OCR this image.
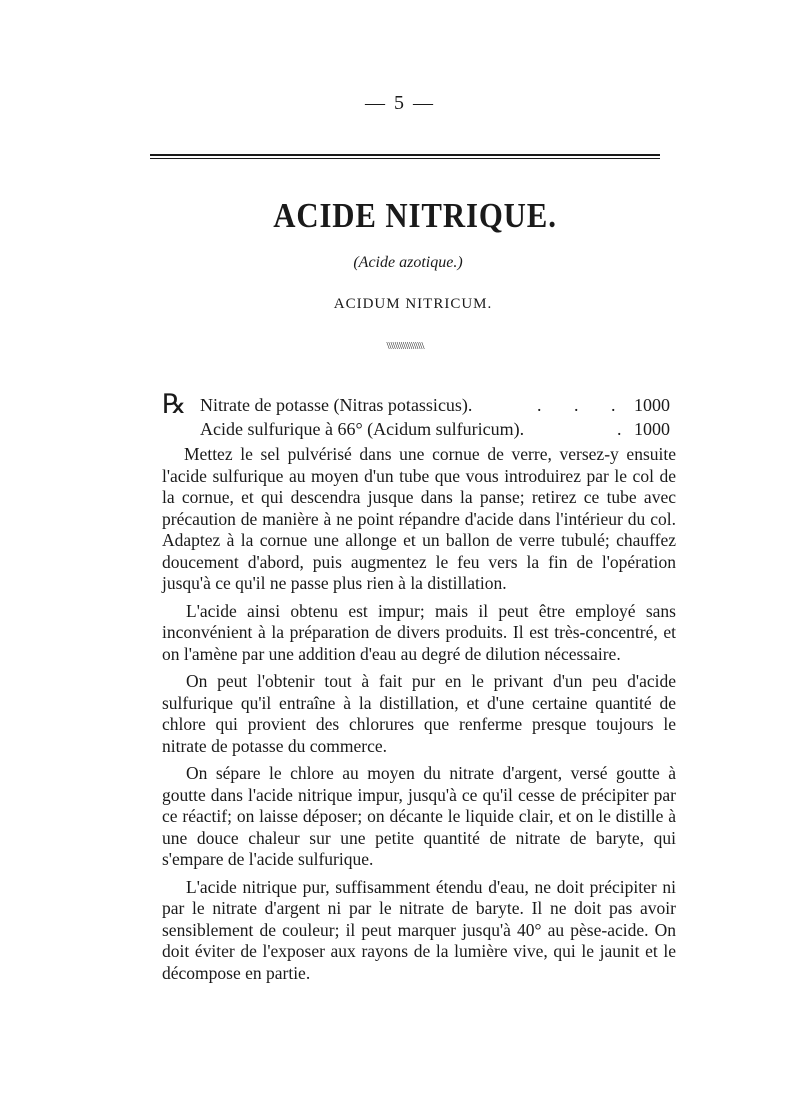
— 5 —
ACIDE NITRIQUE.
(Acide azotique.)
ACIDUM NITRICUM.
\\\\\\\\\\\\\\\\\\
℞ Nitrate de potasse (Nitras potassicus).	. . . 1000
Acide sulfurique à 66° (Acidum sulfuricum).	.
1000

Mettez le sel pulvérisé dans une cornue de verre, versez-y ensuite l'acide sulfurique au moyen d'un tube que vous introduirez par le col de la cornue, et qui descendra jusque dans la panse; retirez ce tube avec précaution de manière à ne point répandre d'acide dans l'intérieur du col. Adaptez à la cornue une allonge et un ballon de verre tubulé; chauffez doucement d'abord, puis augmentez le feu vers la fin de l'opération jusqu'à ce qu'il ne passe plus rien à la distillation.

L'acide ainsi obtenu est impur; mais il peut être employé sans inconvénient à la préparation de divers produits. Il est très-concentré, et on l'amène par une addition d'eau au degré de dilution nécessaire.

On peut l'obtenir tout à fait pur en le privant d'un peu d'acide sulfurique qu'il entraîne à la distillation, et d'une certaine quantité de chlore qui provient des chlorures que renferme presque toujours le nitrate de potasse du commerce.

On sépare le chlore au moyen du nitrate d'argent, versé goutte à goutte dans l'acide nitrique impur, jusqu'à ce qu'il cesse de précipiter par ce réactif; on laisse déposer; on décante le liquide clair, et on le distille à une douce chaleur sur une petite quantité de nitrate de baryte, qui s'empare de l'acide sulfurique.

L'acide nitrique pur, suffisamment étendu d'eau, ne doit précipiter ni par le nitrate d'argent ni par le nitrate de baryte. Il ne doit pas avoir sensiblement de couleur; il peut marquer jusqu'à 40° au pèse-acide. On doit éviter de l'exposer aux rayons de la lumière vive, qui le jaunit et le décompose en partie.
